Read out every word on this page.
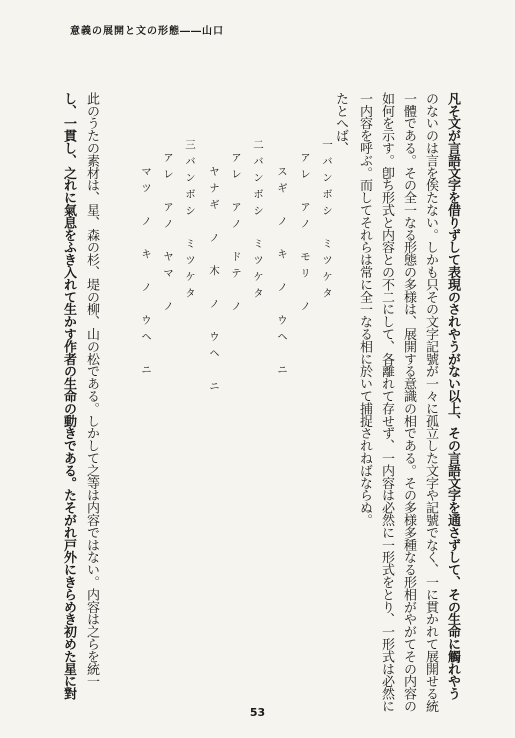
意義の展開と文の形態――山口
凡そ文が言語文字を借りずして表現のされやうがない以上、その言語文字を通さずして、その生命に觸れやう
のないのは言を俟たない。しかも只その文字記號が一々に孤立した文字や記號でなく、一に貫かれて展開せる統
一體である。その全一なる形態の多様は、展開する意識の相である。その多様多種なる形相がやがてその内容の
如何を示す。卽ち形式と内容との不二にして、各離れて存せず、一内容は必然に一形式をとり、一形式は必然に
一内容を呼ぶ。而してそれらは常に全一なる相に於いて捕捉されねばならぬ。
たとへば、
一バンボシ　ミツケタ
アレ　アノ　モリ　ノ
スギ　ノ　キ　ノ　ウヘ　ニ
二バンボシ　ミツケタ
アレ　アノ　ドテ　ノ
ヤナギ　ノ　木　ノ　ウヘ　ニ
三バンボシ　ミツケタ
アレ　アノ　ヤマ　ノ
マツ　ノ　キ　ノ　ウヘ　ニ
此のうたの素材は、星、森の杉、堤の柳、山の松である。しかして之等は内容ではない。内容は之らを統一
し、一貫し、之れに氣息をふき入れて生かす作者の生命の動きである。たそがれ戸外にきらめき初めた星に對
53
